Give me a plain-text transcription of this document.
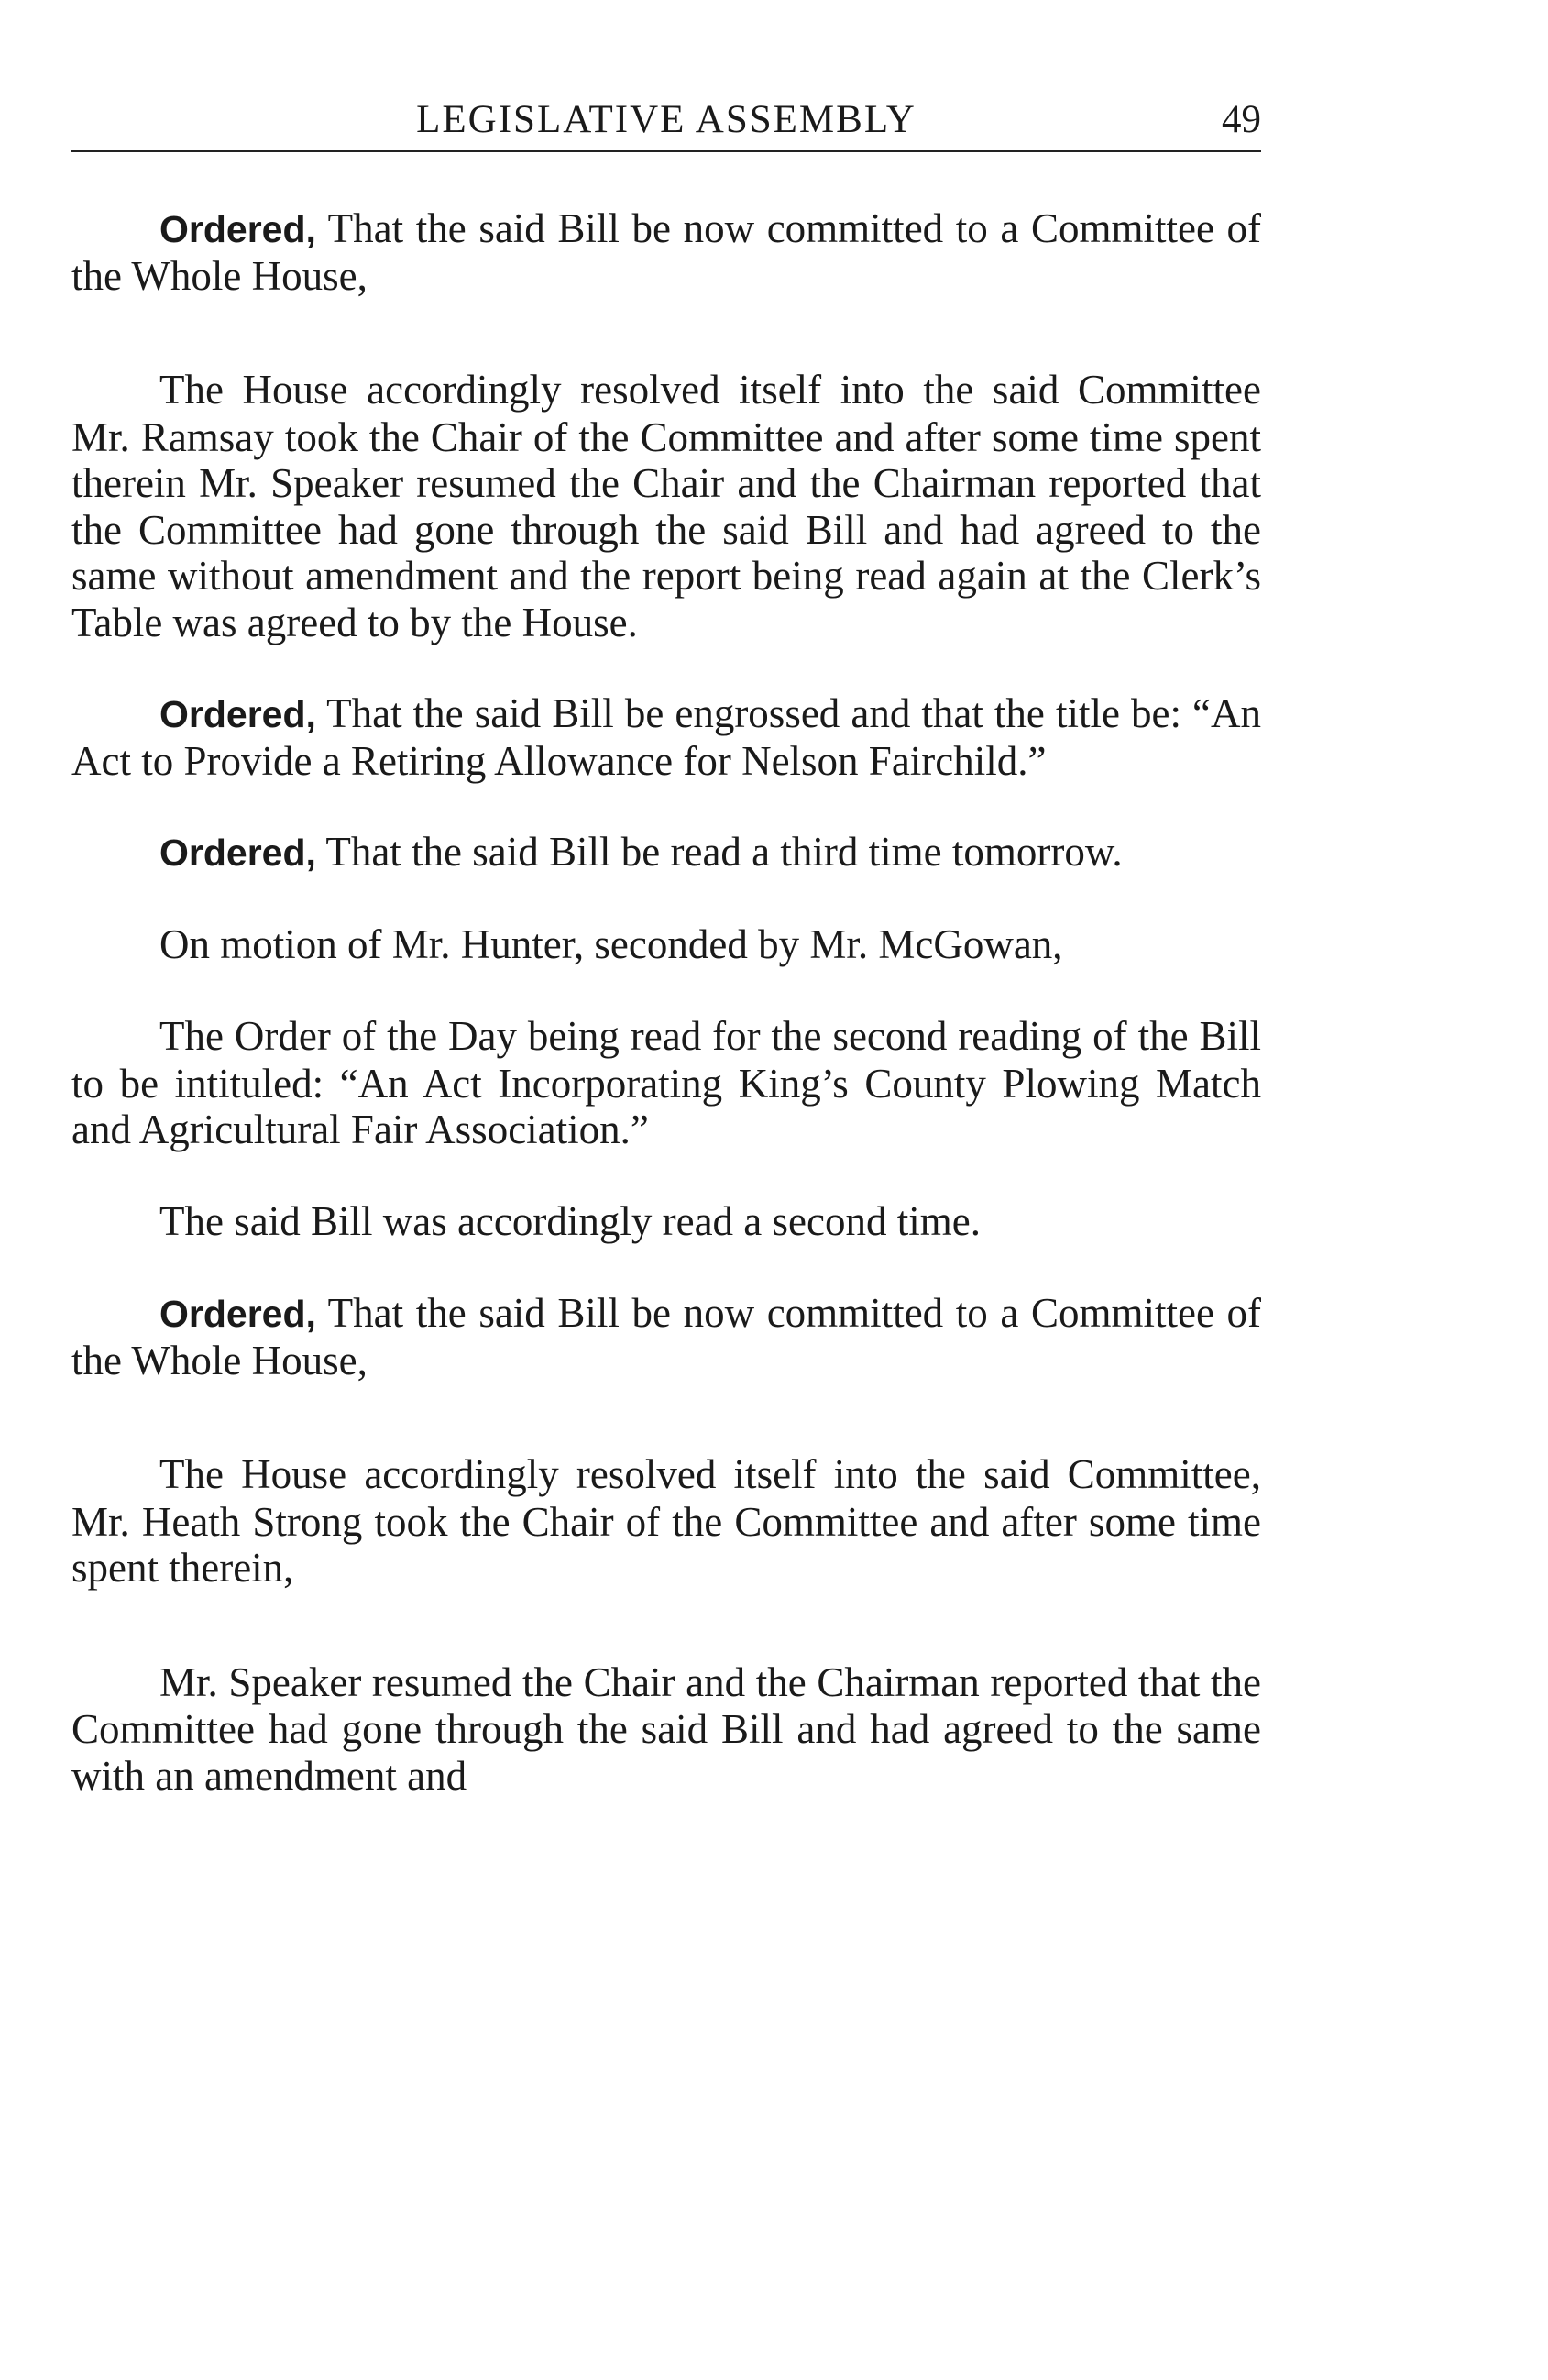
LEGISLATIVE ASSEMBLY	49

Ordered, That the said Bill be now committed to a Committee of the Whole House,

The House accordingly resolved itself into the said Committee Mr. Ramsay took the Chair of the Committee and after some time spent therein Mr. Speaker resumed the Chair and the Chairman reported that the Committee had gone through the said Bill and had agreed to the same without amendment and the report being read again at the Clerk’s Table was agreed to by the House.

Ordered, That the said Bill be engrossed and that the title be: “An Act to Provide a Retiring Allowance for Nelson Fairchild.”

Ordered, That the said Bill be read a third time tomorrow.

On motion of Mr. Hunter, seconded by Mr. McGowan,

The Order of the Day being read for the second reading of the Bill to be intituled: “An Act Incorporating King’s County Plowing Match and Agricultural Fair Association.”

The said Bill was accordingly read a second time.

Ordered, That the said Bill be now committed to a Committee of the Whole House,

The House accordingly resolved itself into the said Committee, Mr. Heath Strong took the Chair of the Committee and after some time spent therein,

Mr. Speaker resumed the Chair and the Chairman reported that the Committee had gone through the said Bill and had agreed to the same with an amendment and
